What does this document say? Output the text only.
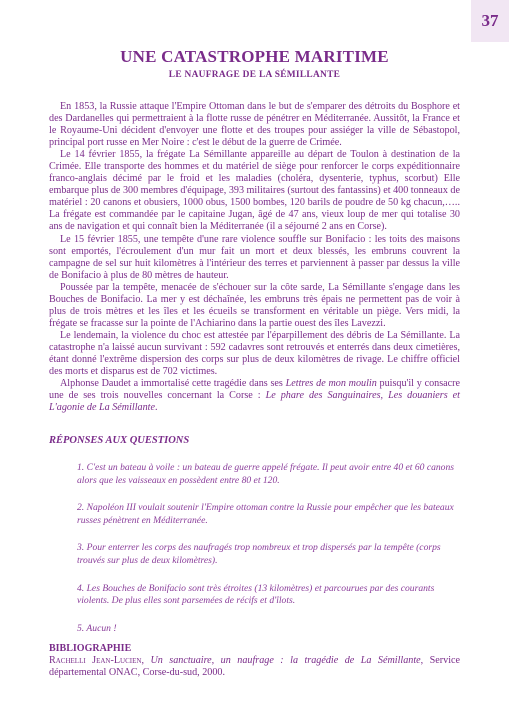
37
UNE CATASTROPHE MARITIME
LE NAUFRAGE DE LA SÉMILLANTE

En 1853, la Russie attaque l'Empire Ottoman dans le but de s'emparer des détroits du Bosphore et des Dardanelles qui permettraient à la flotte russe de pénétrer en Méditerranée. Aussitôt, la France et le Royaume-Uni décident d'envoyer une flotte et des troupes pour assiéger la ville de Sébastopol, principal port russe en Mer Noire : c'est le début de la guerre de Crimée.

Le 14 février 1855, la frégate La Sémillante appareille au départ de Toulon à destination de la Crimée. Elle transporte des hommes et du matériel de siège pour renforcer le corps expéditionnaire franco-anglais décimé par le froid et les maladies (choléra, dysenterie, typhus, scorbut) Elle embarque plus de 300 membres d'équipage, 393 militaires (surtout des fantassins) et 400 tonneaux de matériel : 20 canons et obusiers, 1000 obus, 1500 bombes, 120 barils de poudre de 50 kg chacun,….. La frégate est commandée par le capitaine Jugan, âgé de 47 ans, vieux loup de mer qui totalise 30 ans de navigation et qui connaît bien la Méditerranée (il a séjourné 2 ans en Corse).

Le 15 février 1855, une tempête d'une rare violence souffle sur Bonifacio : les toits des maisons sont emportés, l'écroulement d'un mur fait un mort et deux blessés, les embruns couvrent la campagne de sel sur huit kilomètres à l'intérieur des terres et parviennent à passer par dessus la ville de Bonifacio à plus de 80 mètres de hauteur.

Poussée par la tempête, menacée de s'échouer sur la côte sarde, La Sémillante s'engage dans les Bouches de Bonifacio. La mer y est déchaînée, les embruns très épais ne permettent pas de voir à plus de trois mètres et les îles et les écueils se transforment en véritable un piège. Vers midi, la frégate se fracasse sur la pointe de l'Achiarino dans la partie ouest des îles Lavezzi.

Le lendemain, la violence du choc est attestée par l'éparpillement des débris de La Sémillante. La catastrophe n'a laissé aucun survivant : 592 cadavres sont retrouvés et enterrés dans deux cimetières, étant donné l'extrême dispersion des corps sur plus de deux kilomètres de rivage. Le chiffre officiel des morts et disparus est de 702 victimes.

Alphonse Daudet a immortalisé cette tragédie dans ses Lettres de mon moulin puisqu'il y consacre une de ses trois nouvelles concernant la Corse : Le phare des Sanguinaires, Les douaniers et L'agonie de La Sémillante.

RÉPONSES AUX QUESTIONS

1. C'est un bateau à voile : un bateau de guerre appelé frégate. Il peut avoir entre 40 et 60 canons alors que les vaisseaux en possèdent entre 80 et 120.

2. Napoléon III voulait soutenir l'Empire ottoman contre la Russie pour empêcher que les bateaux russes pénètrent en Méditerranée.

3. Pour enterrer les corps des naufragés trop nombreux et trop dispersés par la tempête (corps trouvés sur plus de deux kilomètres).

4. Les Bouches de Bonifacio sont très étroites (13 kilomètres) et parcourues par des courants violents. De plus elles sont parsemées de récifs et d'îlots.

5. Aucun !

BIBLIOGRAPHIE
Rachelli Jean-Lucien, Un sanctuaire, un naufrage : la tragédie de La Sémillante, Service départemental ONAC, Corse-du-sud, 2000.
